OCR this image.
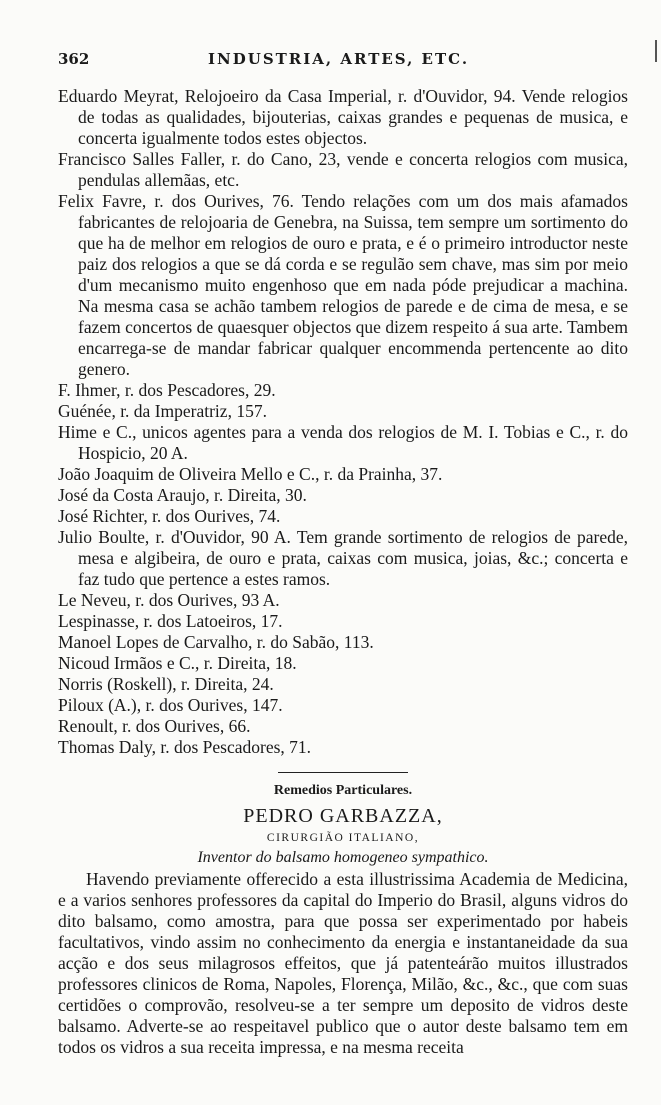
362	INDUSTRIA, ARTES, ETC.
Eduardo Meyrat, Relojoeiro da Casa Imperial, r. d'Ouvidor, 94. Vende relogios de todas as qualidades, bijouterias, caixas grandes e pequenas de musica, e concerta igualmente todos estes objectos.
Francisco Salles Faller, r. do Cano, 23, vende e concerta relogios com musica, pendulas allemãas, etc.
Felix Favre, r. dos Ourives, 76. Tendo relações com um dos mais afamados fabricantes de relojoaria de Genebra, na Suissa, tem sempre um sortimento do que ha de melhor em relogios de ouro e prata, e é o primeiro introductor neste paiz dos relogios a que se dá corda e se regulão sem chave, mas sim por meio d'um mecanismo muito engenhoso que em nada póde prejudicar a machina. Na mesma casa se achão tambem relogios de parede e de cima de mesa, e se fazem concertos de quaesquer objectos que dizem respeito á sua arte. Tambem encarrega-se de mandar fabricar qualquer encommenda pertencente ao dito genero.
F. Ihmer, r. dos Pescadores, 29.
Guénée, r. da Imperatriz, 157.
Hime e C., unicos agentes para a venda dos relogios de M. I. Tobias e C., r. do Hospicio, 20 A.
João Joaquim de Oliveira Mello e C., r. da Prainha, 37.
José da Costa Araujo, r. Direita, 30.
José Richter, r. dos Ourives, 74.
Julio Boulte, r. d'Ouvidor, 90 A. Tem grande sortimento de relogios de parede, mesa e algibeira, de ouro e prata, caixas com musica, joias, &c.; concerta e faz tudo que pertence a estes ramos.
Le Neveu, r. dos Ourives, 93 A.
Lespinasse, r. dos Latoeiros, 17.
Manoel Lopes de Carvalho, r. do Sabão, 113.
Nicoud Irmãos e C., r. Direita, 18.
Norris (Roskell), r. Direita, 24.
Piloux (A.), r. dos Ourives, 147.
Renoult, r. dos Ourives, 66.
Thomas Daly, r. dos Pescadores, 71.
Remedios Particulares.
PEDRO GARBAZZA,
CIRURGIÃO ITALIANO,
Inventor do balsamo homogeneo sympathico.
Havendo previamente offerecido a esta illustrissima Academia de Medicina, e a varios senhores professores da capital do Imperio do Brasil, alguns vidros do dito balsamo, como amostra, para que possa ser experimentado por habeis facultativos, vindo assim no conhecimento da energia e instantaneidade da sua acção e dos seus milagrosos effeitos, que já patenteárão muitos illustrados professores clinicos de Roma, Napoles, Florença, Milão, &c., &c., que com suas certidões o comprovão, resolveu-se a ter sempre um deposito de vidros deste balsamo. Adverte-se ao respeitavel publico que o autor deste balsamo tem em todos os vidros a sua receita impressa, e na mesma receita
